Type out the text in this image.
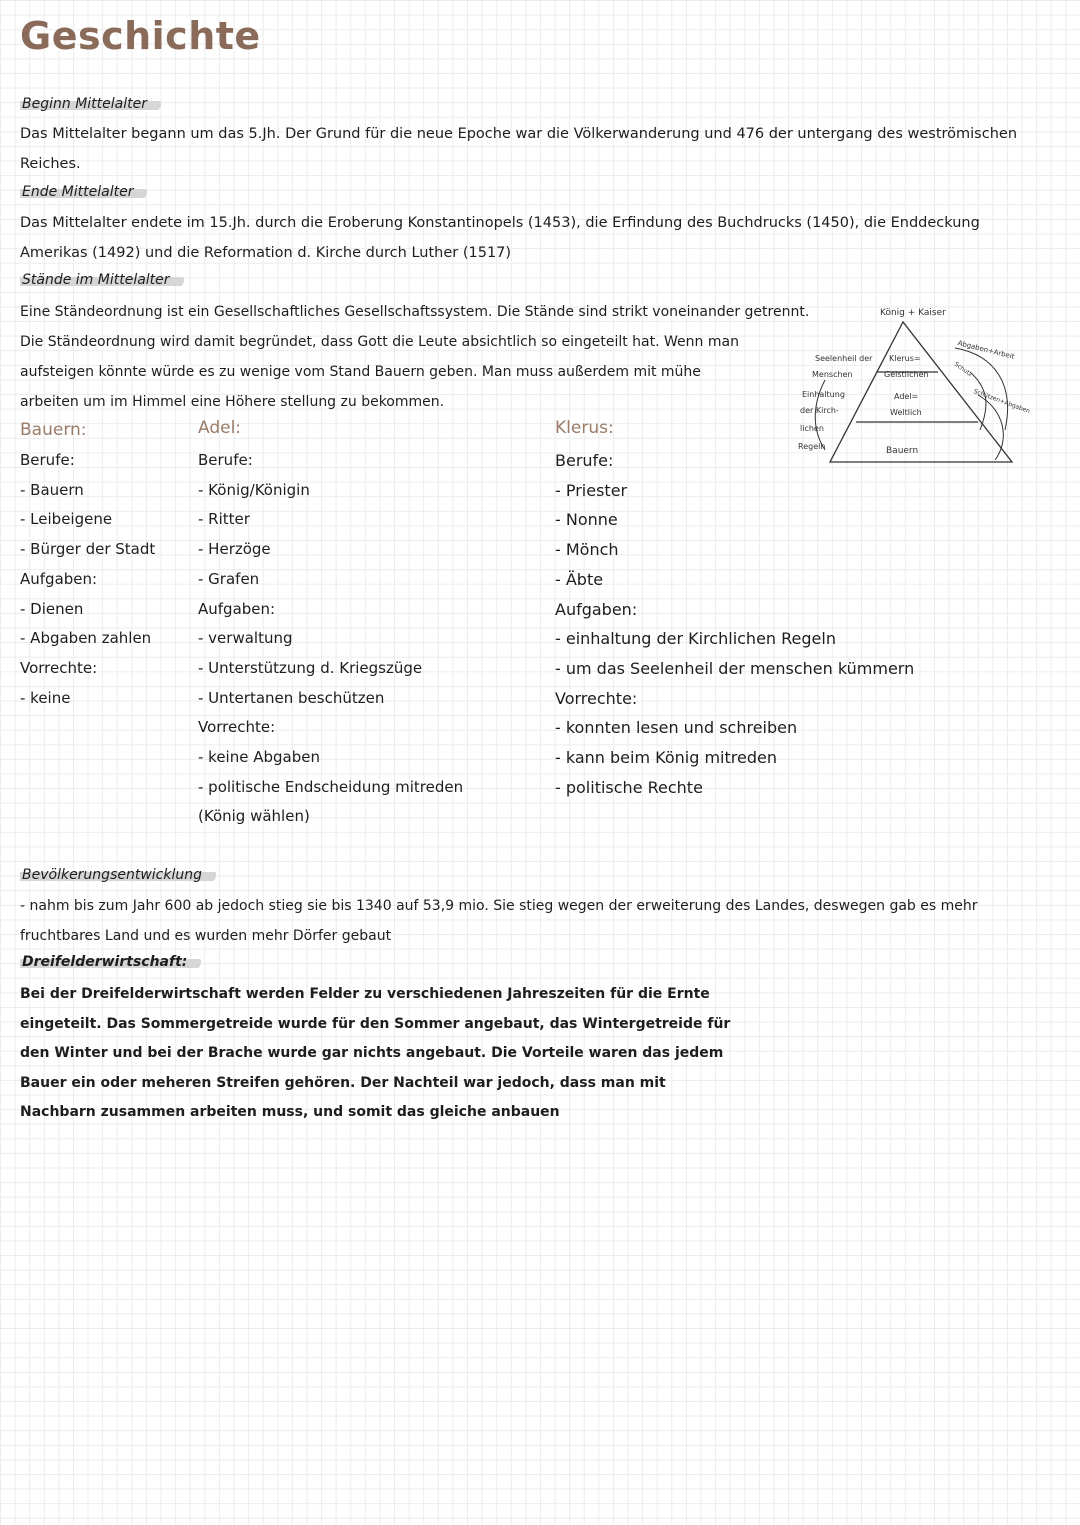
Geschichte
Beginn Mittelalter
Das Mittelalter begann um das 5.Jh. Der Grund für die neue Epoche war die Völkerwanderung und 476 der untergang des weströmischen
Reiches.
Ende Mittelalter
Das Mittelalter endete im 15.Jh. durch die Eroberung Konstantinopels (1453), die Erfindung des Buchdrucks (1450), die Enddeckung
Amerikas (1492) und die Reformation d. Kirche durch Luther (1517)
Stände im Mittelalter
Eine Ständeordnung ist ein Gesellschaftliches Gesellschaftssystem. Die Stände sind strikt voneinander getrennt.
Die Ständeordnung wird damit begründet, dass Gott die Leute absichtlich so eingeteilt hat. Wenn man
aufsteigen könnte würde es zu wenige vom Stand Bauern geben. Man muss außerdem mit mühe
arbeiten um im Himmel eine Höhere stellung zu bekommen.
König + Kaiser
Klerus=
Geistlichen
Adel=
Weltlich
Bauern
Seelenheil der
Menschen
Einhaltung
der Kirch-
lichen
Regeln
Abgaben+Arbeit
Schutz
Schützen+Abgaben
Bauern:
Berufe:
- Bauern
- Leibeigene
- Bürger der Stadt
Aufgaben:
- Dienen
- Abgaben zahlen
Vorrechte:
- keine
Adel:
Berufe:
- König/Königin
- Ritter
- Herzöge
- Grafen
Aufgaben:
- verwaltung
- Unterstützung d. Kriegszüge
- Untertanen beschützen
Vorrechte:
- keine Abgaben
- politische Endscheidung mitreden
(König wählen)
Klerus:
Berufe:
- Priester
- Nonne
- Mönch
- Äbte
Aufgaben:
- einhaltung der Kirchlichen Regeln
- um das Seelenheil der menschen kümmern
Vorrechte:
- konnten lesen und schreiben
- kann beim König mitreden
- politische Rechte
Bevölkerungsentwicklung
- nahm bis zum Jahr 600 ab jedoch stieg sie bis 1340 auf 53,9 mio. Sie stieg wegen der erweiterung des Landes, deswegen gab es mehr
fruchtbares Land und es wurden mehr Dörfer gebaut
Dreifelderwirtschaft:
Bei der Dreifelderwirtschaft werden Felder zu verschiedenen Jahreszeiten für die Ernte
eingeteilt. Das Sommergetreide wurde für den Sommer angebaut, das Wintergetreide für
den Winter und bei der Brache wurde gar nichts angebaut. Die Vorteile waren das jedem
Bauer ein oder meheren Streifen gehören. Der Nachteil war jedoch, dass man mit
Nachbarn zusammen arbeiten muss, und somit das gleiche anbauen
